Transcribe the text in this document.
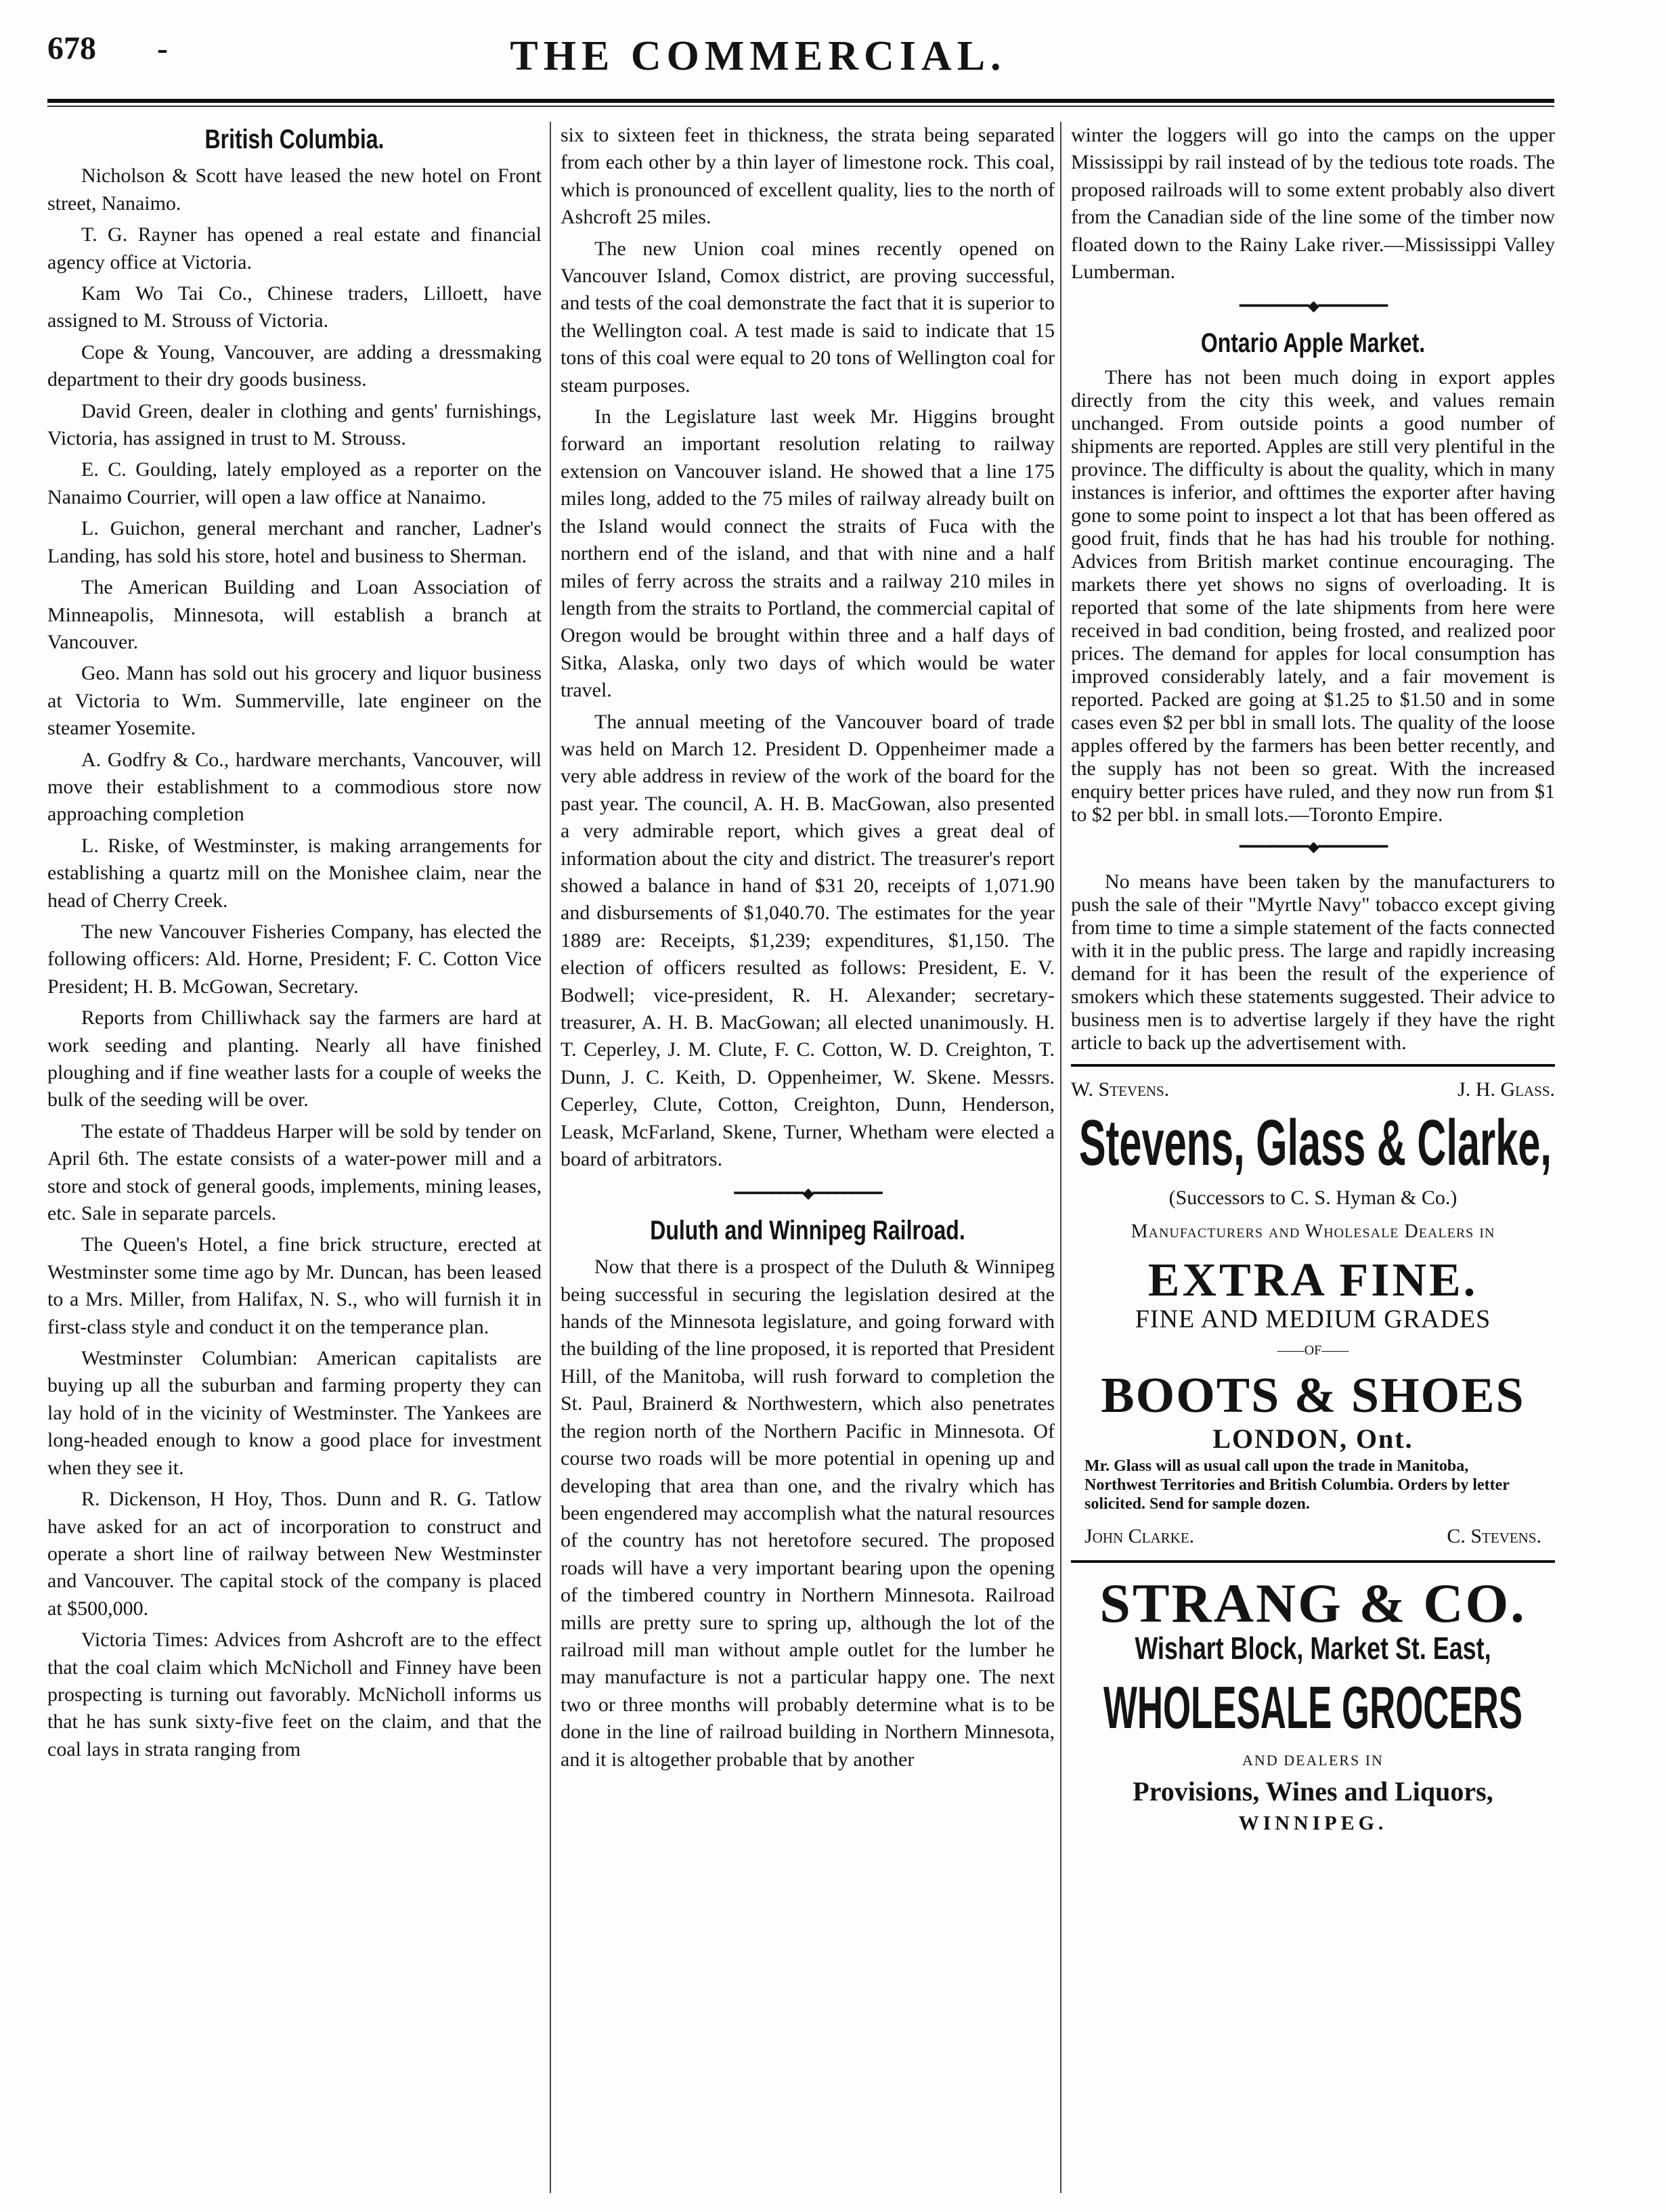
678 -	THE COMMERCIAL.
British Columbia.

Nicholson & Scott have leased the new hotel on Front street, Nanaimo.

T. G. Rayner has opened a real estate and financial agency office at Victoria.

Kam Wo Tai Co., Chinese traders, Lilloett, have assigned to M. Strouss of Victoria.

Cope & Young, Vancouver, are adding a dressmaking department to their dry goods business.

David Green, dealer in clothing and gents' furnishings, Victoria, has assigned in trust to M. Strouss.

E. C. Goulding, lately employed as a reporter on the Nanaimo Courrier, will open a law office at Nanaimo.

L. Guichon, general merchant and rancher, Ladner's Landing, has sold his store, hotel and business to Sherman.

The American Building and Loan Association of Minneapolis, Minnesota, will establish a branch at Vancouver.

Geo. Mann has sold out his grocery and liquor business at Victoria to Wm. Summerville, late engineer on the steamer Yosemite.

A. Godfry & Co., hardware merchants, Vancouver, will move their establishment to a commodious store now approaching completion

L. Riske, of Westminster, is making arrangements for establishing a quartz mill on the Monishee claim, near the head of Cherry Creek.

The new Vancouver Fisheries Company, has elected the following officers: Ald. Horne, President; F. C. Cotton Vice President; H. B. McGowan, Secretary.

Reports from Chilliwhack say the farmers are hard at work seeding and planting. Nearly all have finished ploughing and if fine weather lasts for a couple of weeks the bulk of the seeding will be over.

The estate of Thaddeus Harper will be sold by tender on April 6th. The estate consists of a water-power mill and a store and stock of general goods, implements, mining leases, etc. Sale in separate parcels.

The Queen's Hotel, a fine brick structure, erected at Westminster some time ago by Mr. Duncan, has been leased to a Mrs. Miller, from Halifax, N. S., who will furnish it in first-class style and conduct it on the temperance plan.

Westminster Columbian: American capitalists are buying up all the suburban and farming property they can lay hold of in the vicinity of Westminster. The Yankees are long-headed enough to know a good place for investment when they see it.

R. Dickenson, H Hoy, Thos. Dunn and R. G. Tatlow have asked for an act of incorporation to construct and operate a short line of railway between New Westminster and Vancouver. The capital stock of the company is placed at $500,000.

Victoria Times: Advices from Ashcroft are to the effect that the coal claim which McNicholl and Finney have been prospecting is turning out favorably. McNicholl informs us that he has sunk sixty-five feet on the claim, and that the coal lays in strata ranging from

six to sixteen feet in thickness, the strata being separated from each other by a thin layer of limestone rock. This coal, which is pronounced of excellent quality, lies to the north of Ashcroft 25 miles.

The new Union coal mines recently opened on Vancouver Island, Comox district, are proving successful, and tests of the coal demonstrate the fact that it is superior to the Wellington coal. A test made is said to indicate that 15 tons of this coal were equal to 20 tons of Wellington coal for steam purposes.

In the Legislature last week Mr. Higgins brought forward an important resolution relating to railway extension on Vancouver island. He showed that a line 175 miles long, added to the 75 miles of railway already built on the Island would connect the straits of Fuca with the northern end of the island, and that with nine and a half miles of ferry across the straits and a railway 210 miles in length from the straits to Portland, the commercial capital of Oregon would be brought within three and a half days of Sitka, Alaska, only two days of which would be water travel.

The annual meeting of the Vancouver board of trade was held on March 12. President D. Oppenheimer made a very able address in review of the work of the board for the past year. The council, A. H. B. MacGowan, also presented a very admirable report, which gives a great deal of information about the city and district. The treasurer's report showed a balance in hand of $31 20, receipts of 1,071.90 and disbursements of $1,040.70. The estimates for the year 1889 are: Receipts, $1,239; expenditures, $1,150. The election of officers resulted as follows: President, E. V. Bodwell; vice-president, R. H. Alexander; secretary-treasurer, A. H. B. MacGowan; all elected unanimously. H. T. Ceperley, J. M. Clute, F. C. Cotton, W. D. Creighton, T. Dunn, J. C. Keith, D. Oppenheimer, W. Skene. Messrs. Ceperley, Clute, Cotton, Creighton, Dunn, Henderson, Leask, McFarland, Skene, Turner, Whetham were elected a board of arbitrators.

━━━━━━━━━◆━━━━━━━━━
Duluth and Winnipeg Railroad.

Now that there is a prospect of the Duluth & Winnipeg being successful in securing the legislation desired at the hands of the Minnesota legislature, and going forward with the building of the line proposed, it is reported that President Hill, of the Manitoba, will rush forward to completion the St. Paul, Brainerd & Northwestern, which also penetrates the region north of the Northern Pacific in Minnesota. Of course two roads will be more potential in opening up and developing that area than one, and the rivalry which has been engendered may accomplish what the natural resources of the country has not heretofore secured. The proposed roads will have a very important bearing upon the opening of the timbered country in Northern Minnesota. Railroad mills are pretty sure to spring up, although the lot of the railroad mill man without ample outlet for the lumber he may manufacture is not a particular happy one. The next two or three months will probably determine what is to be done in the line of railroad building in Northern Minnesota, and it is altogether probable that by another

winter the loggers will go into the camps on the upper Mississippi by rail instead of by the tedious tote roads. The proposed railroads will to some extent probably also divert from the Canadian side of the line some of the timber now floated down to the Rainy Lake river.—Mississippi Valley Lumberman.

━━━━━━━━━◆━━━━━━━━━
Ontario Apple Market.

There has not been much doing in export apples directly from the city this week, and values remain unchanged. From outside points a good number of shipments are reported. Apples are still very plentiful in the province. The difficulty is about the quality, which in many instances is inferior, and ofttimes the exporter after having gone to some point to inspect a lot that has been offered as good fruit, finds that he has had his trouble for nothing. Advices from British market continue encouraging. The markets there yet shows no signs of overloading. It is reported that some of the late shipments from here were received in bad condition, being frosted, and realized poor prices. The demand for apples for local consumption has improved considerably lately, and a fair movement is reported. Packed are going at $1.25 to $1.50 and in some cases even $2 per bbl in small lots. The quality of the loose apples offered by the farmers has been better recently, and the supply has not been so great. With the increased enquiry better prices have ruled, and they now run from $1 to $2 per bbl. in small lots.—Toronto Empire.

━━━━━━━━━◆━━━━━━━━━

No means have been taken by the manufacturers to push the sale of their "Myrtle Navy" tobacco except giving from time to time a simple statement of the facts connected with it in the public press. The large and rapidly increasing demand for it has been the result of the experience of smokers which these statements suggested. Their advice to business men is to advertise largely if they have the right article to back up the advertisement with.

W. Stevens.	J. H. Glass.
Stevens, Glass & Clarke,
(Successors to C. S. Hyman & Co.)
Manufacturers and Wholesale Dealers in
EXTRA FINE.
FINE AND MEDIUM GRADES
——OF——
BOOTS & SHOES
LONDON, Ont.
Mr. Glass will as usual call upon the trade in Manitoba, Northwest Territories and British Columbia. Orders by letter solicited. Send for sample dozen.
John Clarke.	C. Stevens.
STRANG & CO.
Wishart Block, Market St. East,
WHOLESALE GROCERS
AND DEALERS IN
Provisions, Wines and Liquors,
WINNIPEG.
